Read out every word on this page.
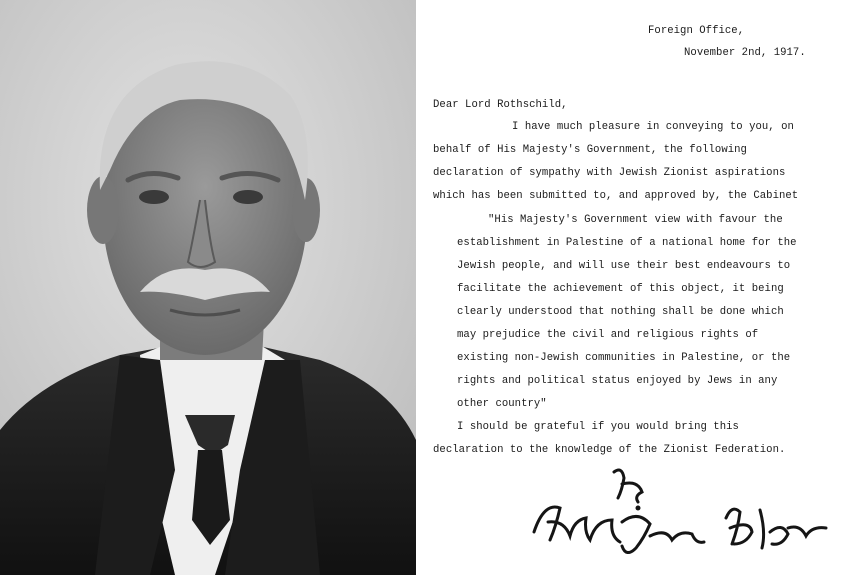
Foreign Office,
November 2nd, 1917.
Dear Lord Rothschild,
I have much pleasure in conveying to you, on
behalf of His Majesty's Government, the following
declaration of sympathy with Jewish Zionist aspirations
which has been submitted to, and approved by, the Cabinet
"His Majesty's Government view with favour the
establishment in Palestine of a national home for the
Jewish people, and will use their best endeavours to
facilitate the achievement of this object, it being
clearly understood that nothing shall be done which
may prejudice the civil and religious rights of
existing non-Jewish communities in Palestine, or the
rights and political status enjoyed by Jews in any
other country"
I should be grateful if you would bring this
declaration to the knowledge of the Zionist Federation.
